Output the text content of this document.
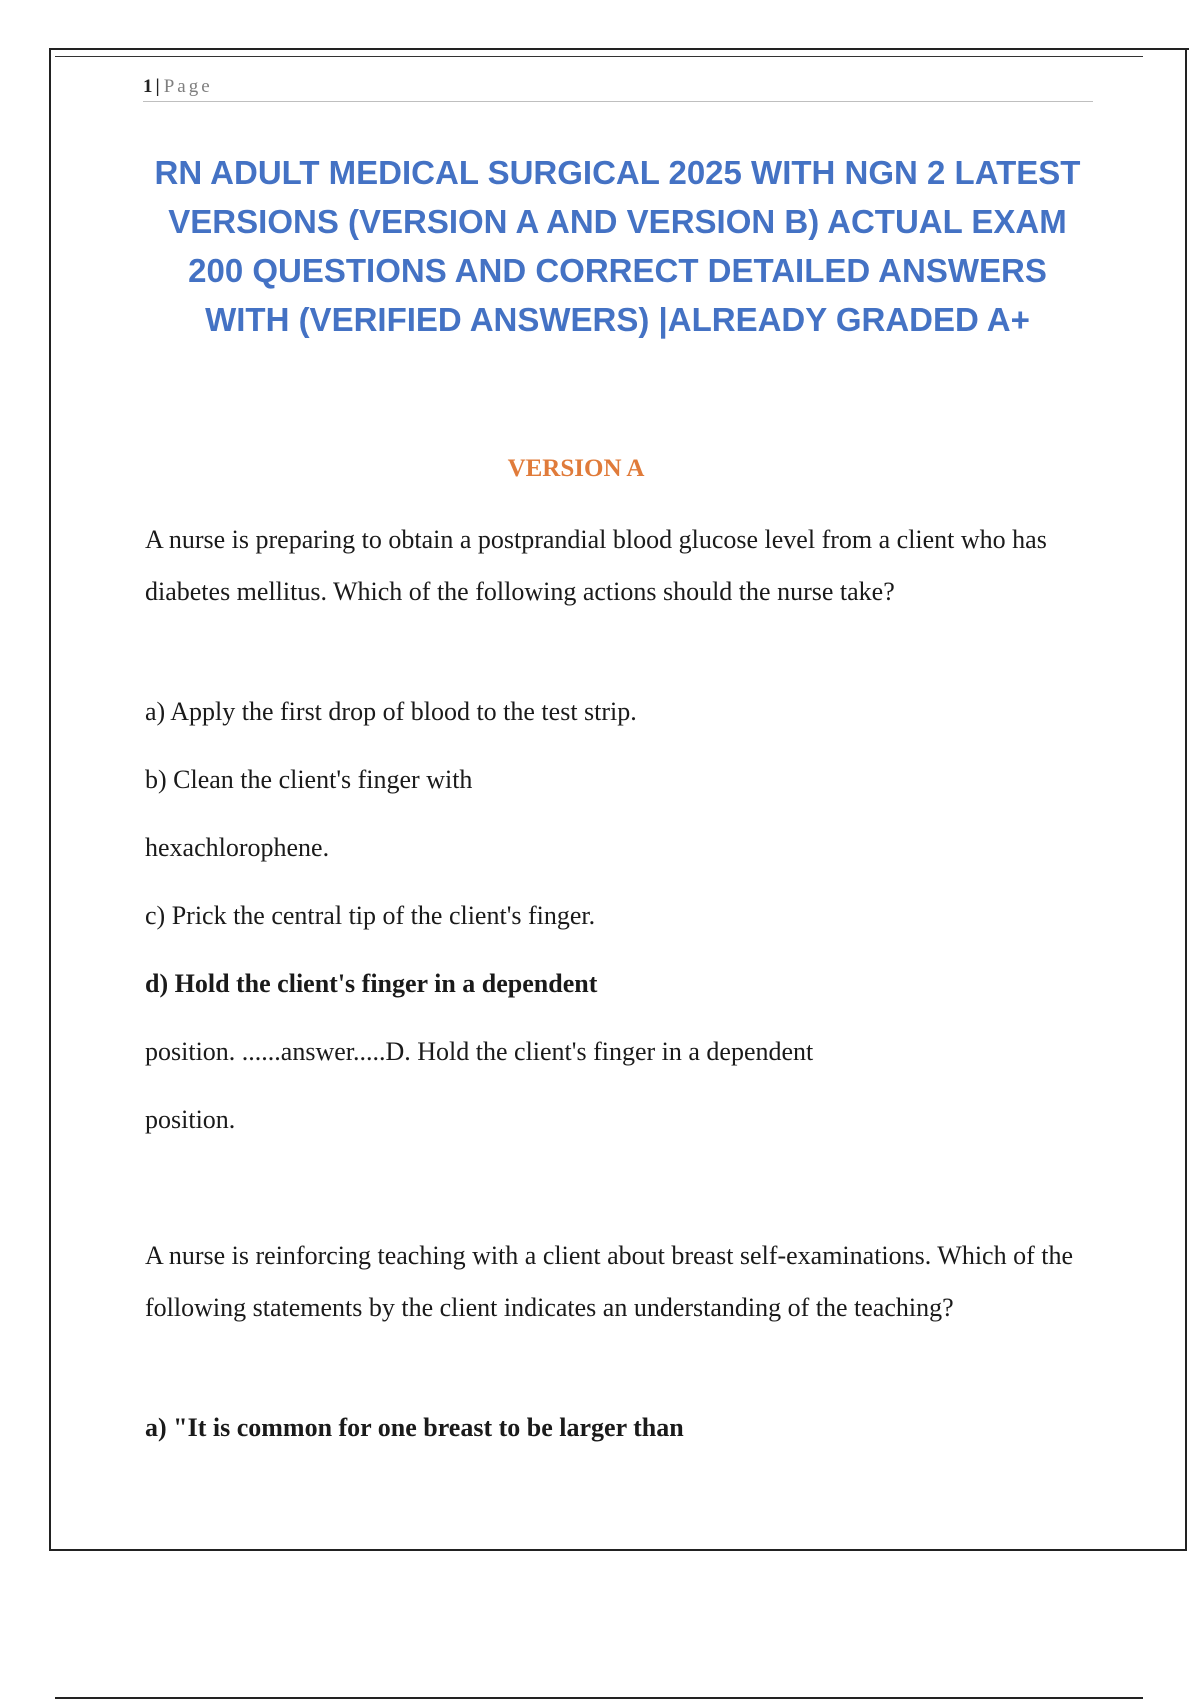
1 | Page
RN ADULT MEDICAL SURGICAL 2025 WITH NGN 2 LATEST VERSIONS (VERSION A AND VERSION B) ACTUAL EXAM 200 QUESTIONS AND CORRECT DETAILED ANSWERS WITH (VERIFIED ANSWERS) |ALREADY GRADED A+
VERSION A

A nurse is preparing to obtain a postprandial blood glucose level from a client who has diabetes mellitus. Which of the following actions should the nurse take?

a) Apply the first drop of blood to the test strip.

b) Clean the client's finger with

hexachlorophene.

c) Prick the central tip of the client's finger.

d) Hold the client's finger in a dependent

position. ......answer.....D. Hold the client's finger in a dependent

position.

A nurse is reinforcing teaching with a client about breast self-examinations. Which of the following statements by the client indicates an understanding of the teaching?

a) "It is common for one breast to be larger than
